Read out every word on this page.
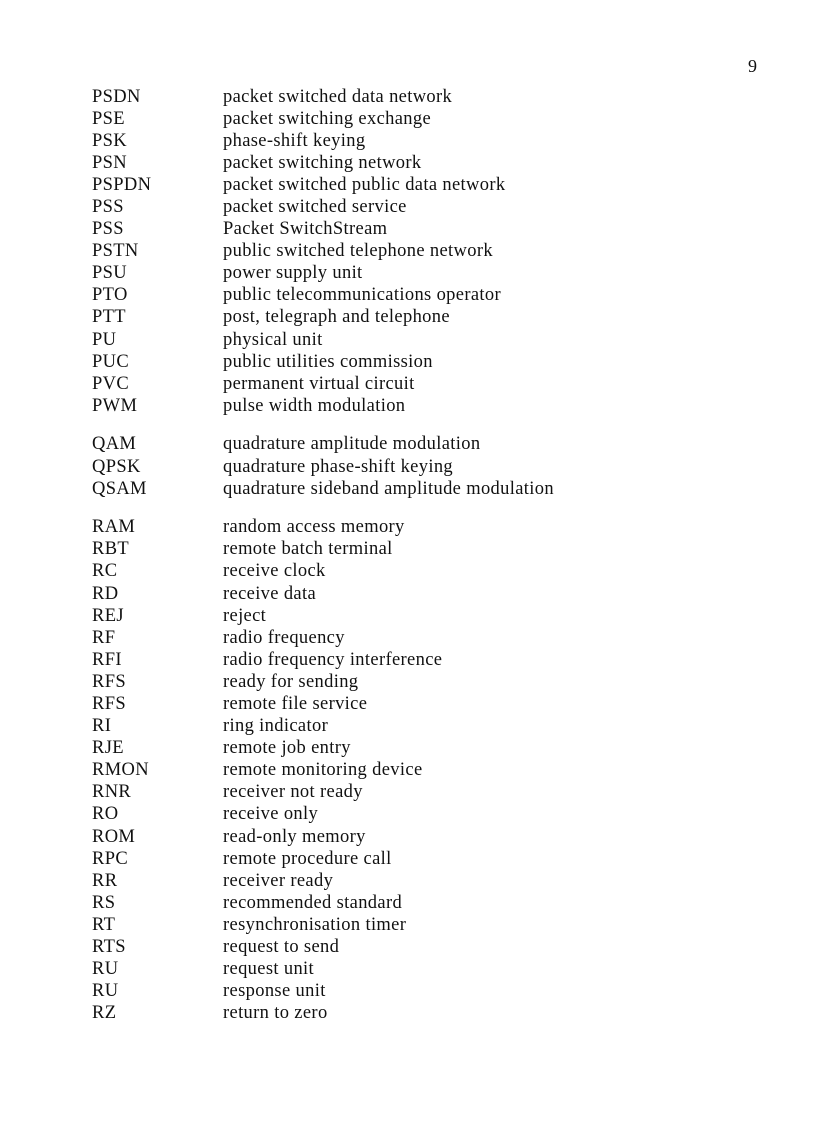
9
PSDN	packet switched data network
PSE	packet switching exchange
PSK	phase-shift keying
PSN	packet switching network
PSPDN	packet switched public data network
PSS	packet switched service
PSS	Packet SwitchStream
PSTN	public switched telephone network
PSU	power supply unit
PTO	public telecommunications operator
PTT	post, telegraph and telephone
PU	physical unit
PUC	public utilities commission
PVC	permanent virtual circuit
PWM	pulse width modulation
QAM	quadrature amplitude modulation
QPSK	quadrature phase-shift keying
QSAM	quadrature sideband amplitude modulation
RAM	random access memory
RBT	remote batch terminal
RC	receive clock
RD	receive data
REJ	reject
RF	radio frequency
RFI	radio frequency interference
RFS	ready for sending
RFS	remote file service
RI	ring indicator
RJE	remote job entry
RMON	remote monitoring device
RNR	receiver not ready
RO	receive only
ROM	read-only memory
RPC	remote procedure call
RR	receiver ready
RS	recommended standard
RT	resynchronisation timer
RTS	request to send
RU	request unit
RU	response unit
RZ	return to zero
